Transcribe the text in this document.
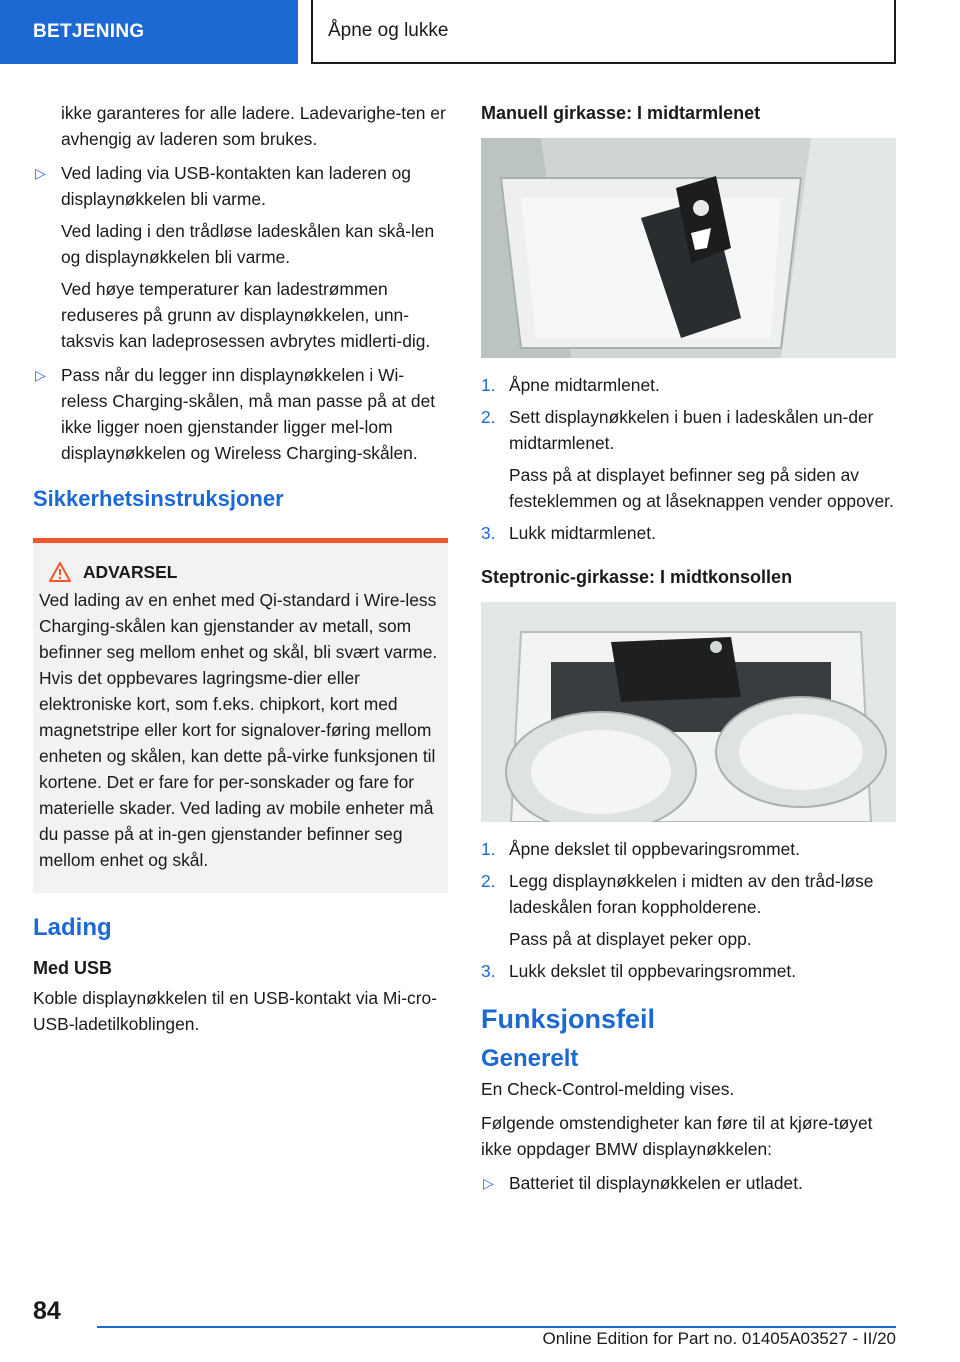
BETJENING	Åpne og lukke

ikke garanteres for alle ladere. Ladevarighe-ten er avhengig av laderen som brukes.

▷ Ved lading via USB-kontakten kan laderen og displaynøkkelen bli varme.
Ved lading i den trådløse ladeskålen kan skå-len og displaynøkkelen bli varme.
Ved høye temperaturer kan ladestrømmen reduseres på grunn av displaynøkkelen, unn-taksvis kan ladeprosessen avbrytes midlerti-dig.
▷ Pass når du legger inn displaynøkkelen i Wi-reless Charging-skålen, må man passe på at det ikke ligger noen gjenstander ligger mel-lom displaynøkkelen og Wireless Charging-skålen.
Sikkerhetsinstruksjoner
ADVARSEL
Ved lading av en enhet med Qi-standard i Wire-less Charging-skålen kan gjenstander av metall, som befinner seg mellom enhet og skål, bli svært varme. Hvis det oppbevares lagringsme-dier eller elektroniske kort, som f.eks. chipkort, kort med magnetstripe eller kort for signalover-føring mellom enheten og skålen, kan dette på-virke funksjonen til kortene. Det er fare for per-sonskader og fare for materielle skader. Ved lading av mobile enheter må du passe på at in-gen gjenstander befinner seg mellom enhet og skål.
Lading
Med USB

Koble displaynøkkelen til en USB-kontakt via Mi-cro-USB-ladetilkoblingen.

Manuell girkasse: I midtarmlenet
1. Åpne midtarmlenet.
2. Sett displaynøkkelen i buen i ladeskålen un-der midtarmlenet.
Pass på at displayet befinner seg på siden av festeklemmen og at låseknappen vender oppover.
3. Lukk midtarmlenet.
Steptronic-girkasse: I midtkonsollen
1. Åpne dekslet til oppbevaringsrommet.
2. Legg displaynøkkelen i midten av den tråd-løse ladeskålen foran koppholderene.
Pass på at displayet peker opp.
3. Lukk dekslet til oppbevaringsrommet.
Funksjonsfeil
Generelt

En Check-Control-melding vises.

Følgende omstendigheter kan føre til at kjøre-tøyet ikke oppdager BMW displaynøkkelen:

▷ Batteriet til displaynøkkelen er utladet.
84
Online Edition for Part no. 01405A03527 - II/20
